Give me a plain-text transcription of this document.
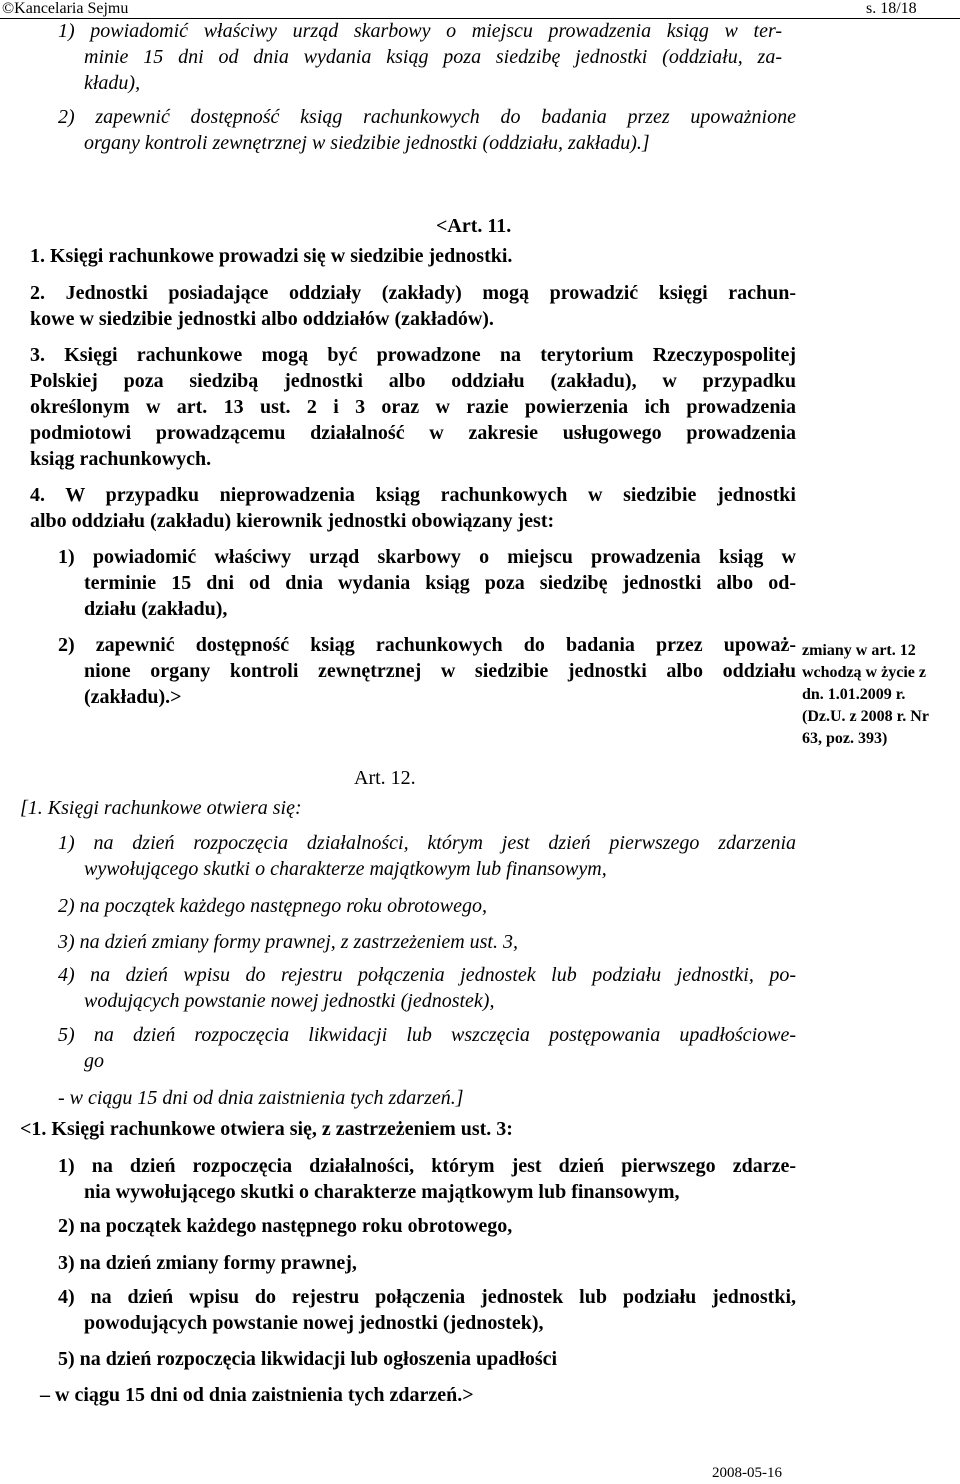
©Kancelaria Sejmu	s. 18/18
1) powiadomić właściwy urząd skarbowy o miejscu prowadzenia ksiąg w ter-
minie 15 dni od dnia wydania ksiąg poza siedzibę jednostki (oddziału, za-
kładu),
2) zapewnić dostępność ksiąg rachunkowych do badania przez upoważnione
organy kontroli zewnętrznej w siedzibie jednostki (oddziału, zakładu).]
<Art. 11.
1. Księgi rachunkowe prowadzi się w siedzibie jednostki.
2. Jednostki posiadające oddziały (zakłady) mogą prowadzić księgi rachun-
kowe w siedzibie jednostki albo oddziałów (zakładów).
3. Księgi rachunkowe mogą być prowadzone na terytorium Rzeczypospolitej
Polskiej poza siedzibą jednostki albo oddziału (zakładu), w przypadku
określonym w art. 13 ust. 2 i 3 oraz w razie powierzenia ich prowadzenia
podmiotowi prowadzącemu działalność w zakresie usługowego prowadzenia
ksiąg rachunkowych.
4. W przypadku nieprowadzenia ksiąg rachunkowych w siedzibie jednostki
albo oddziału (zakładu) kierownik jednostki obowiązany jest:
1) powiadomić właściwy urząd skarbowy o miejscu prowadzenia ksiąg w
terminie 15 dni od dnia wydania ksiąg poza siedzibę jednostki albo od-
działu (zakładu),
2) zapewnić dostępność ksiąg rachunkowych do badania przez upoważ-
nione organy kontroli zewnętrznej w siedzibie jednostki albo oddziału
(zakładu).>
Art. 12.
[1. Księgi rachunkowe otwiera się:
1) na dzień rozpoczęcia działalności, którym jest dzień pierwszego zdarzenia
wywołującego skutki o charakterze majątkowym lub finansowym,
2) na początek każdego następnego roku obrotowego,
3) na dzień zmiany formy prawnej, z zastrzeżeniem ust. 3,
4) na dzień wpisu do rejestru połączenia jednostek lub podziału jednostki, po-
wodujących powstanie nowej jednostki (jednostek),
5) na dzień rozpoczęcia likwidacji lub wszczęcia postępowania upadłościowe-
go
- w ciągu 15 dni od dnia zaistnienia tych zdarzeń.]
<1. Księgi rachunkowe otwiera się, z zastrzeżeniem ust. 3:
1) na dzień rozpoczęcia działalności, którym jest dzień pierwszego zdarze-
nia wywołującego skutki o charakterze majątkowym lub finansowym,
2) na początek każdego następnego roku obrotowego,
3) na dzień zmiany formy prawnej,
4) na dzień wpisu do rejestru połączenia jednostek lub podziału jednostki,
powodujących powstanie nowej jednostki (jednostek),
5) na dzień rozpoczęcia likwidacji lub ogłoszenia upadłości
– w ciągu 15 dni od dnia zaistnienia tych zdarzeń.>
zmiany w art. 12
wchodzą w życie z
dn. 1.01.2009 r.
(Dz.U. z 2008 r. Nr
63, poz. 393)
2008-05-16
